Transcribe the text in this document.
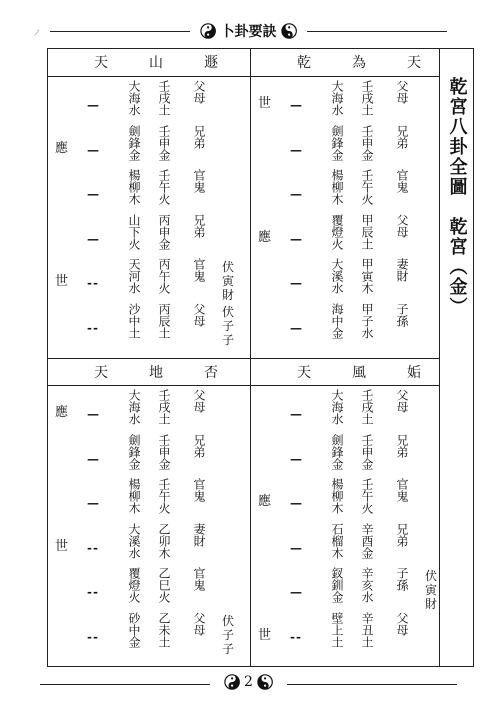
ノ	卜卦要訣
乾宮八卦全圖　乾宮（金）
天	山	遯
— 大海水 壬戌土 父母
應 — 劍鋒金 壬申金 兄弟
— 楊柳木 壬午火 官鬼
— 山下火 丙申金 兄弟
世 -- 天河水 丙午火 官鬼	伏
寅財
-- 沙中土 丙辰土 父母	伏
子子
乾	為	天
世 — 大海水 壬戌土 父母
— 劍鋒金 壬申金 兄弟
— 楊柳木 壬午火 官鬼
應 — 覆燈火 甲辰土 父母
— 大溪水 甲寅木 妻財
— 海中金 甲子水 子孫
天	地	否
應 — 大海水 壬戌土 父母
— 劍鋒金 壬申金 兄弟
— 楊柳木 壬午火 官鬼
世 -- 大溪水 乙卯木 妻財
-- 覆燈火 乙巳火 官鬼
-- 砂中金 乙未土 父母	伏
子子
天	風	姤
— 大海水 壬戌土 父母
— 劍鋒金 壬申金 兄弟
應 — 楊柳木 壬午火 官鬼
— 石榴木 辛酉金 兄弟
— 釵釧金 辛亥水 子孫	伏
寅財
世 -- 壁上土 辛丑土 父母
2
